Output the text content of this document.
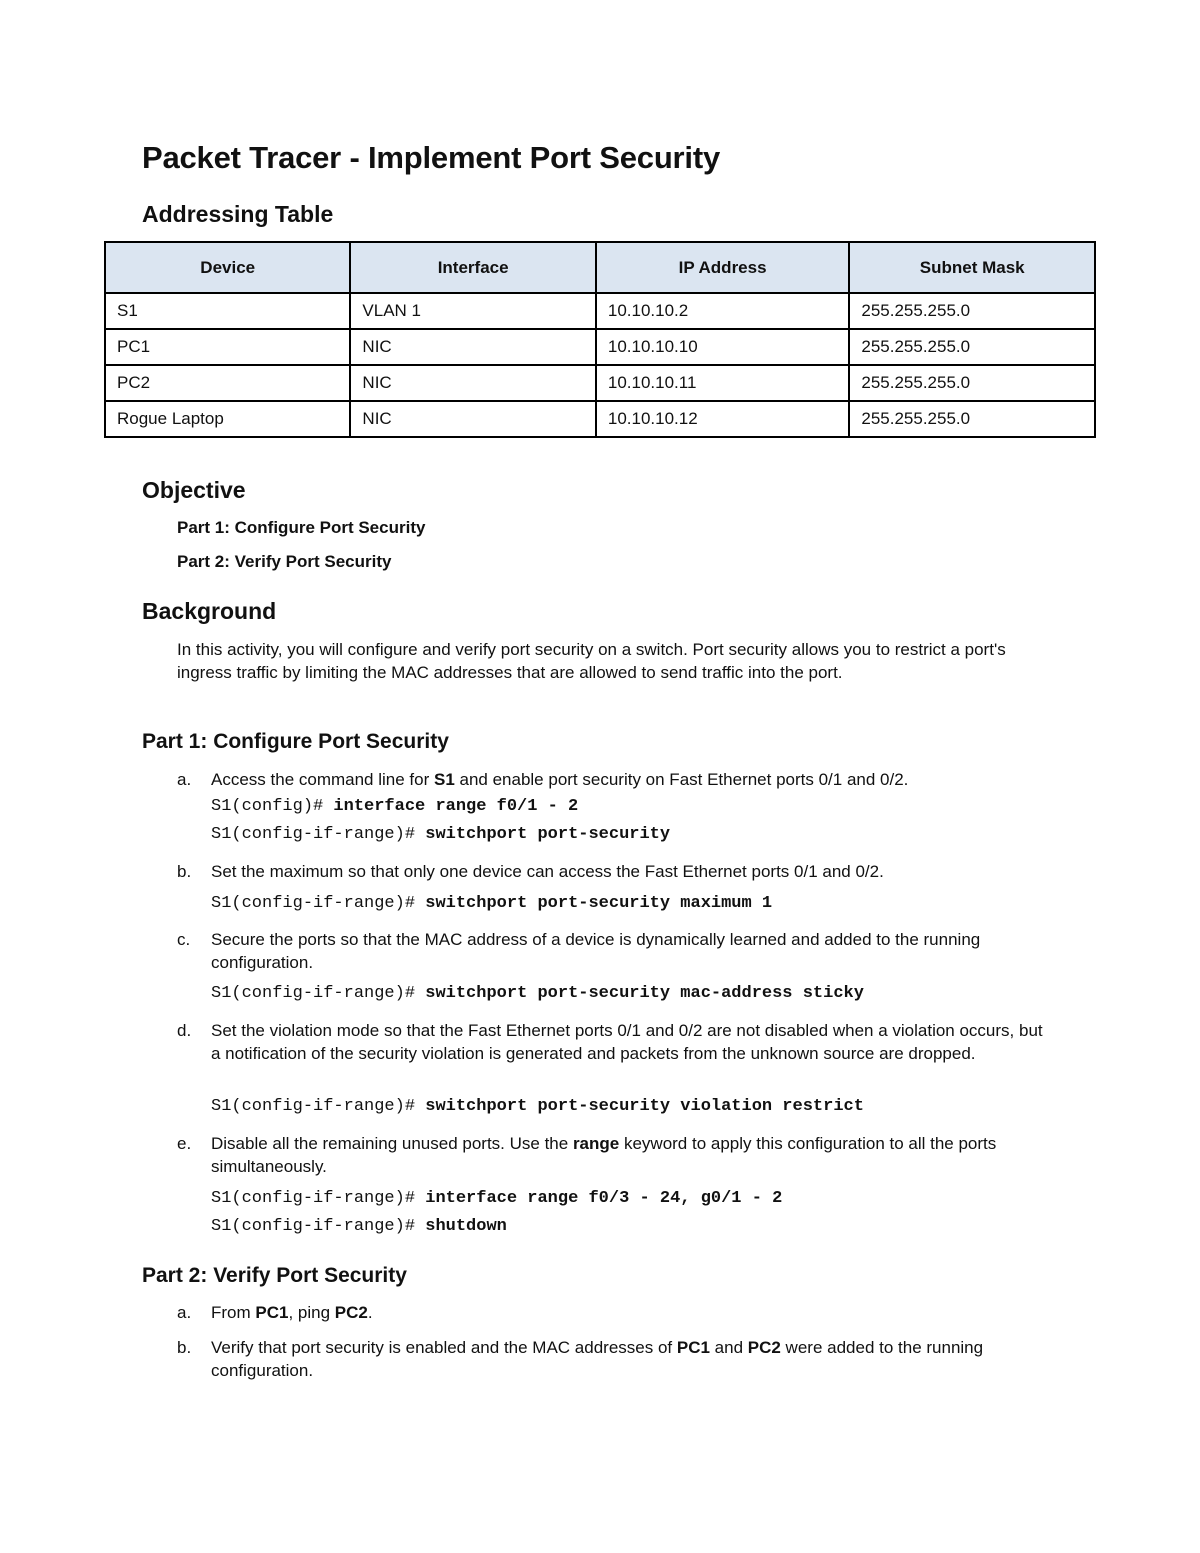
Packet Tracer - Implement Port Security
Addressing Table
Device	Interface	IP Address	Subnet Mask
S1	VLAN 1	10.10.10.2	255.255.255.0
PC1	NIC	10.10.10.10	255.255.255.0
PC2	NIC	10.10.10.11	255.255.255.0
Rogue Laptop	NIC	10.10.10.12	255.255.255.0
Objective
Part 1: Configure Port Security
Part 2: Verify Port Security
Background
In this activity, you will configure and verify port security on a switch. Port security allows you to restrict a port's ingress traffic by limiting the MAC addresses that are allowed to send traffic into the port.
Part 1: Configure Port Security
a. Access the command line for S1 and enable port security on Fast Ethernet ports 0/1 and 0/2.
S1(config)# interface range f0/1 - 2
S1(config-if-range)# switchport port-security
b. Set the maximum so that only one device can access the Fast Ethernet ports 0/1 and 0/2.
S1(config-if-range)# switchport port-security maximum 1
c. Secure the ports so that the MAC address of a device is dynamically learned and added to the running configuration.
S1(config-if-range)# switchport port-security mac-address sticky
d. Set the violation mode so that the Fast Ethernet ports 0/1 and 0/2 are not disabled when a violation occurs, but a notification of the security violation is generated and packets from the unknown source are dropped.
S1(config-if-range)# switchport port-security violation restrict
e. Disable all the remaining unused ports. Use the range keyword to apply this configuration to all the ports simultaneously.
S1(config-if-range)# interface range f0/3 - 24, g0/1 - 2
S1(config-if-range)# shutdown
Part 2: Verify Port Security
a. From PC1, ping PC2.
b. Verify that port security is enabled and the MAC addresses of PC1 and PC2 were added to the running configuration.
